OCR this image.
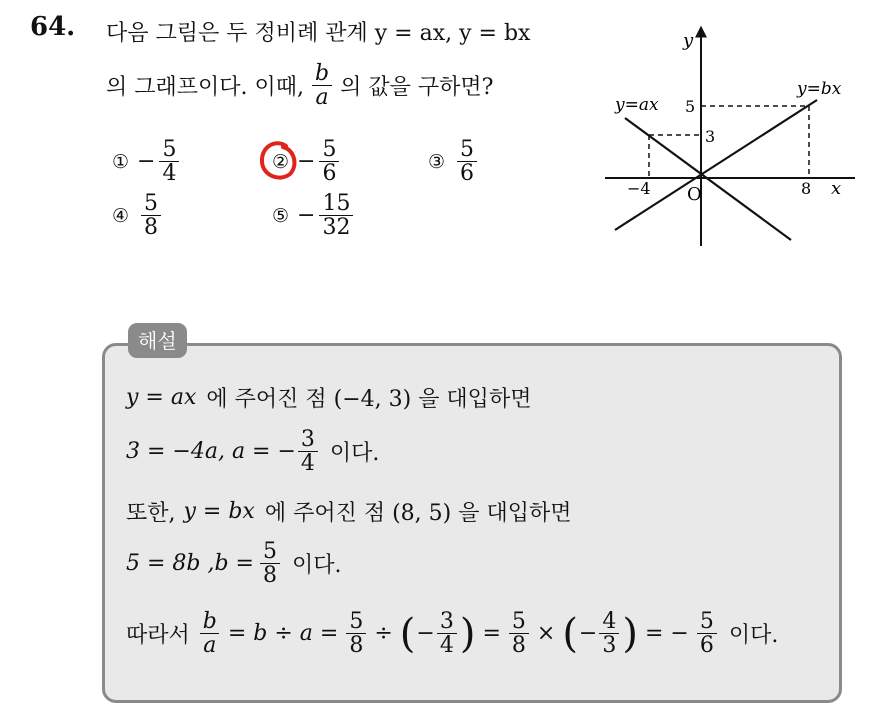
64. 다음 그림은 두 정비례 관계 y = ax, y = bx
의 그래프이다. 이때, $\frac{b}{a}$ 의 값을 구하면?
① − $\frac{5}{4}$	② − $\frac{5}{6}$	③ $\frac{5}{6}$
④ $\frac{5}{8}$	⑤ − $\frac{15}{32}$
y
x
O
y=ax
y=bx
−4	8
3
5
해설
y = ax 에 주어진 점 (−4, 3) 을 대입하면
3 = −4a, a = − $\frac{3}{4}$ 이다.
또한, y = bx 에 주어진 점 (8, 5) 을 대입하면
5 = 8b $,b = \frac{5}{8}$ 이다.
따라서 $\frac{b}{a} = b \div a = \frac{5}{8}$ ÷ ( − $\frac{3}{4}$ ) = $\frac{5}{8}$ × ( − $\frac{4}{3}$ ) = − $\frac{5}{6}$ 이다.
